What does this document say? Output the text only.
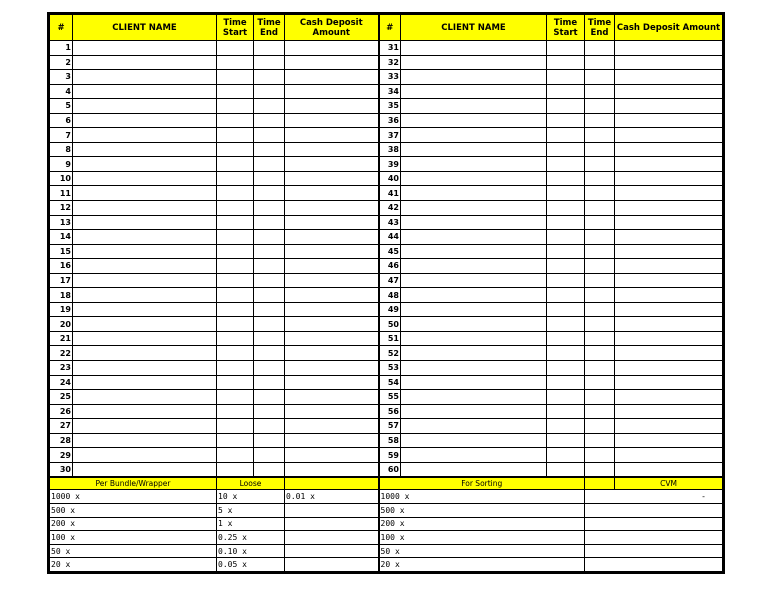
#	CLIENT NAME	Time Start	Time End	Cash Deposit Amount	#	CLIENT NAME	Time Start	Time End	Cash Deposit Amount
1					31				
2					32				
3					33				
4					34				
5					35				
6					36				
7					37				
8					38				
9					39				
10					40				
11					41				
12					42				
13					43				
14					44				
15					45				
16					46				
17					47				
18					48				
19					49				
20					50				
21					51				
22					52				
23					53				
24					54				
25					55				
26					56				
27					57				
28					58				
29					59				
30					60				
Per Bundle/Wrapper		Loose			For Sorting				CVM
1000 x		10 x		0.01 x	1000 x			-	
500 x		5 x			500 x				
200 x		1 x			200 x				
100 x		0.25 x			100 x				
50 x		0.10 x			50 x				
20 x		0.05 x			20 x				
